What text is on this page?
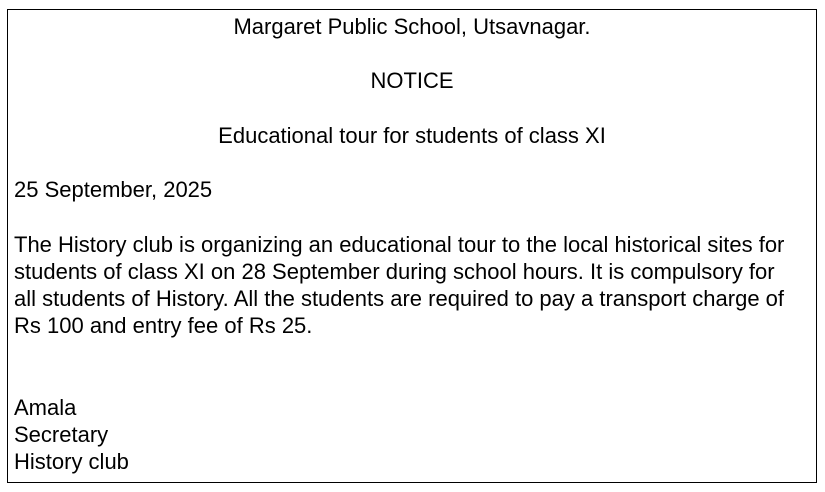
Margaret Public School, Utsavnagar.
NOTICE
Educational tour for students of class XI
25 September, 2025
The History club is organizing an educational tour to the local historical sites for
students of class XI on 28 September during school hours. It is compulsory for
all students of History. All the students are required to pay a transport charge of
Rs 100 and entry fee of Rs 25.
Amala
Secretary
History club
